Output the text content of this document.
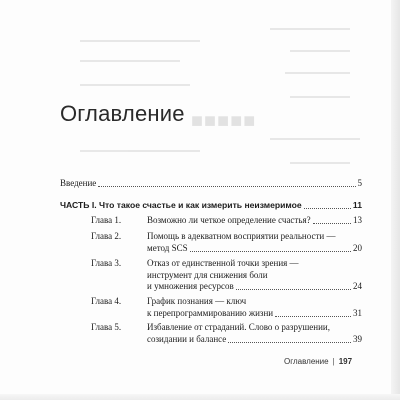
■■■■■
Оглавление
Введение	5
ЧАСТЬ I. Что такое счастье и как измерить неизмеримое	11
Глава 1.	Возможно ли четкое определение счастья?	13
Глава 2.	Помощь в адекватном восприятии реальности —
метод SCS	20
Глава 3.	Отказ от единственной точки зрения —
инструмент для снижения боли
и умножения ресурсов	24
Глава 4.	График познания — ключ
к перепрограммированию жизни	31
Глава 5.	Избавление от страданий. Слово о разрушении,
созидании и балансе	39
Оглавление | 197
